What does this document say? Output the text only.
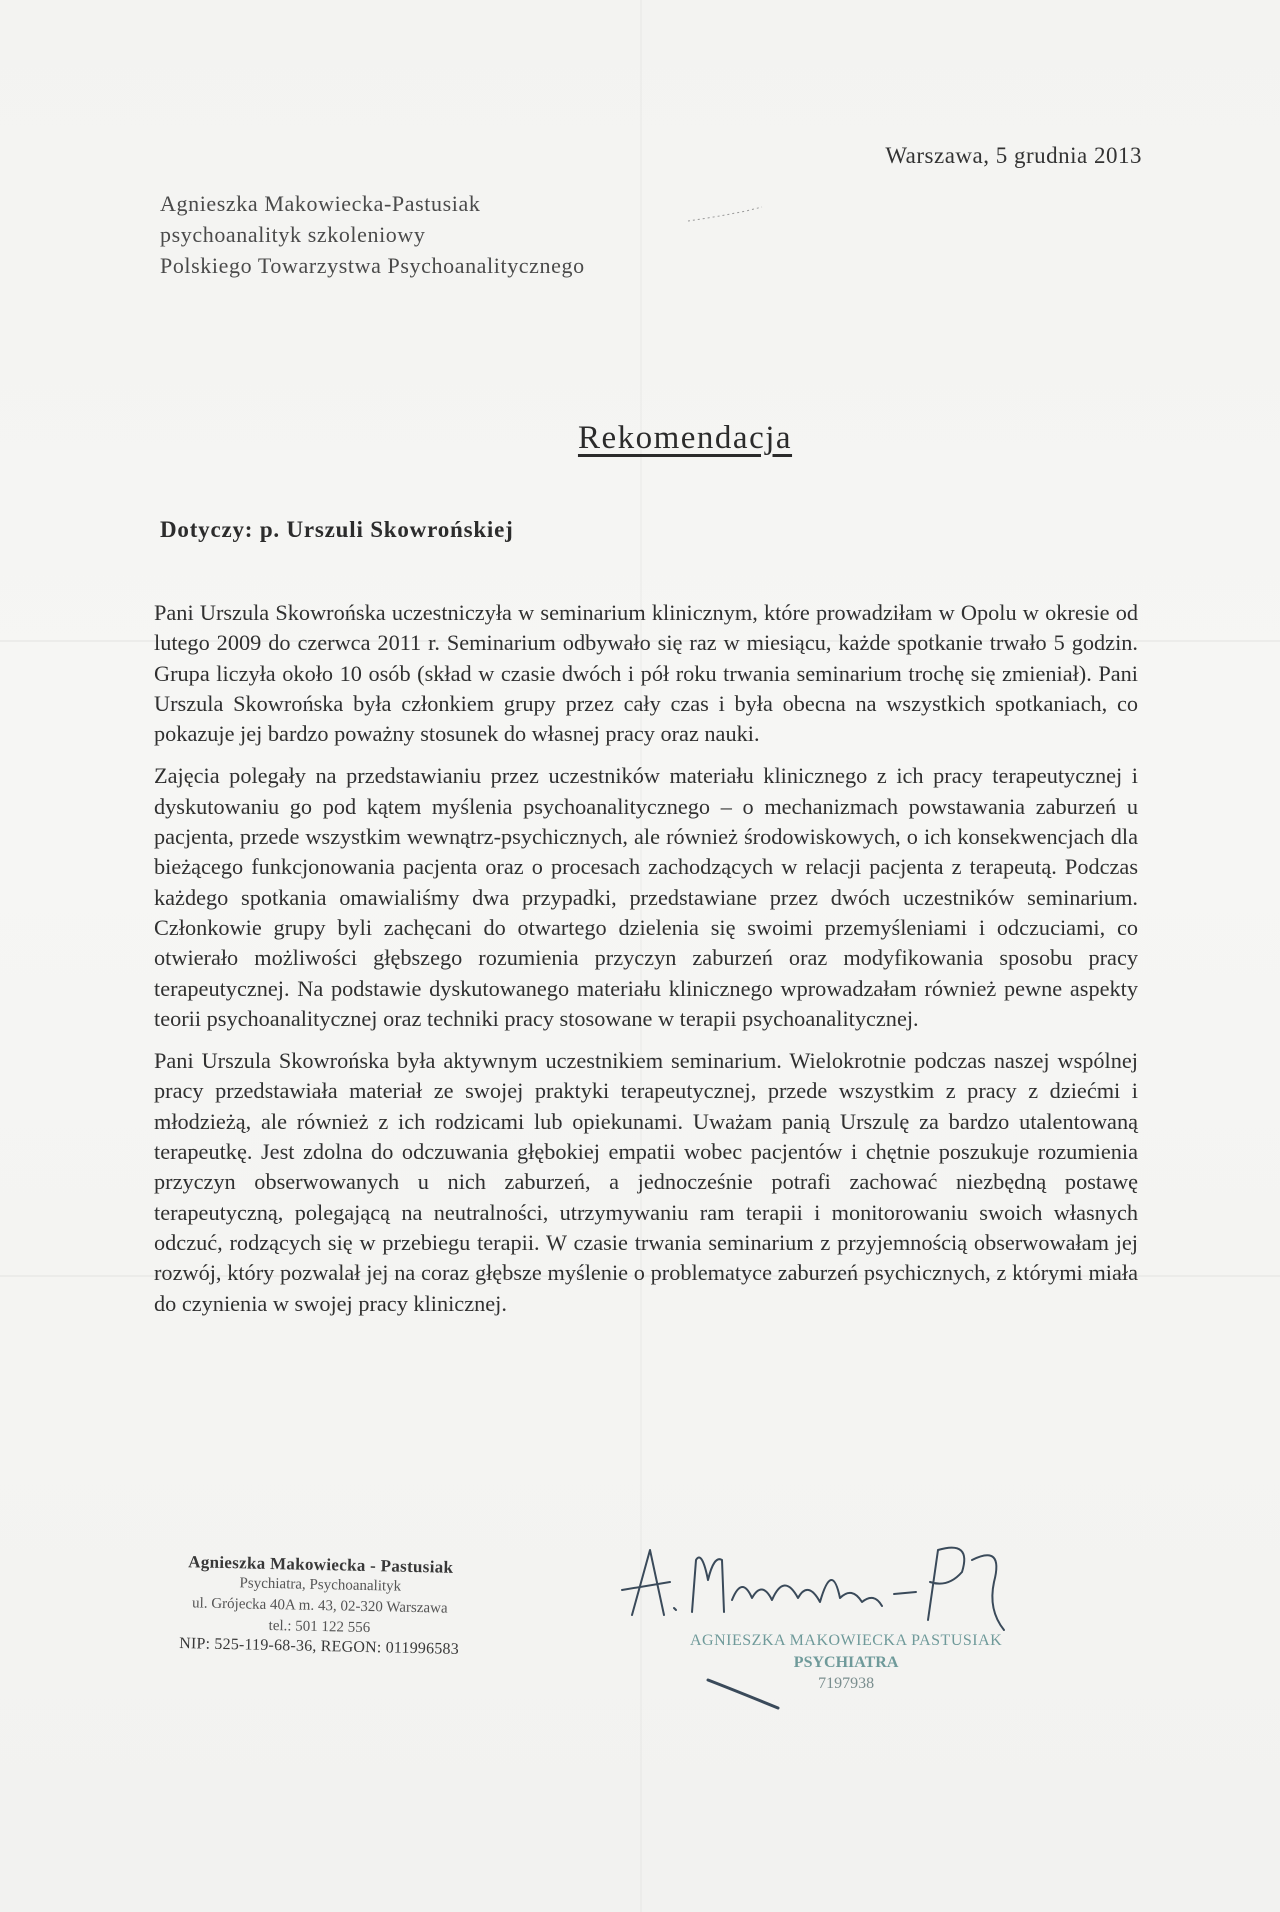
Warszawa, 5 grudnia 2013
Agnieszka Makowiecka-Pastusiak
psychoanalityk szkoleniowy
Polskiego Towarzystwa Psychoanalitycznego
Rekomendacja
Dotyczy: p. Urszuli Skowrońskiej

Pani Urszula Skowrońska uczestniczyła w seminarium klinicznym, które prowadziłam w Opolu w okresie od lutego 2009 do czerwca 2011 r. Seminarium odbywało się raz w miesiącu, każde spotkanie trwało 5 godzin. Grupa liczyła około 10 osób (skład w czasie dwóch i pół roku trwania seminarium trochę się zmieniał). Pani Urszula Skowrońska była członkiem grupy przez cały czas i była obecna na wszystkich spotkaniach, co pokazuje jej bardzo poważny stosunek do własnej pracy oraz nauki.

Zajęcia polegały na przedstawianiu przez uczestników materiału klinicznego z ich pracy terapeutycznej i dyskutowaniu go pod kątem myślenia psychoanalitycznego – o mechanizmach powstawania zaburzeń u pacjenta, przede wszystkim wewnątrz-psychicznych, ale również środowiskowych, o ich konsekwencjach dla bieżącego funkcjonowania pacjenta oraz o procesach zachodzących w relacji pacjenta z terapeutą. Podczas każdego spotkania omawialiśmy dwa przypadki, przedstawiane przez dwóch uczestników seminarium. Członkowie grupy byli zachęcani do otwartego dzielenia się swoimi przemyśleniami i odczuciami, co otwierało możliwości głębszego rozumienia przyczyn zaburzeń oraz modyfikowania sposobu pracy terapeutycznej. Na podstawie dyskutowanego materiału klinicznego wprowadzałam również pewne aspekty teorii psychoanalitycznej oraz techniki pracy stosowane w terapii psychoanalitycznej.

Pani Urszula Skowrońska była aktywnym uczestnikiem seminarium. Wielokrotnie podczas naszej wspólnej pracy przedstawiała materiał ze swojej praktyki terapeutycznej, przede wszystkim z pracy z dziećmi i młodzieżą, ale również z ich rodzicami lub opiekunami. Uważam panią Urszulę za bardzo utalentowaną terapeutkę. Jest zdolna do odczuwania głębokiej empatii wobec pacjentów i chętnie poszukuje rozumienia przyczyn obserwowanych u nich zaburzeń, a jednocześnie potrafi zachować niezbędną postawę terapeutyczną, polegającą na neutralności, utrzymywaniu ram terapii i monitorowaniu swoich własnych odczuć, rodzących się w przebiegu terapii. W czasie trwania seminarium z przyjemnością obserwowałam jej rozwój, który pozwalał jej na coraz głębsze myślenie o problematyce zaburzeń psychicznych, z którymi miała do czynienia w swojej pracy klinicznej.

Agnieszka Makowiecka - Pastusiak
Psychiatra, Psychoanalityk
ul. Grójecka 40A m. 43, 02-320 Warszawa
tel.: 501 122 556
NIP: 525-119-68-36, REGON: 011996583	AGNIESZKA MAKOWIECKA PASTUSIAK
PSYCHIATRA
7197938
